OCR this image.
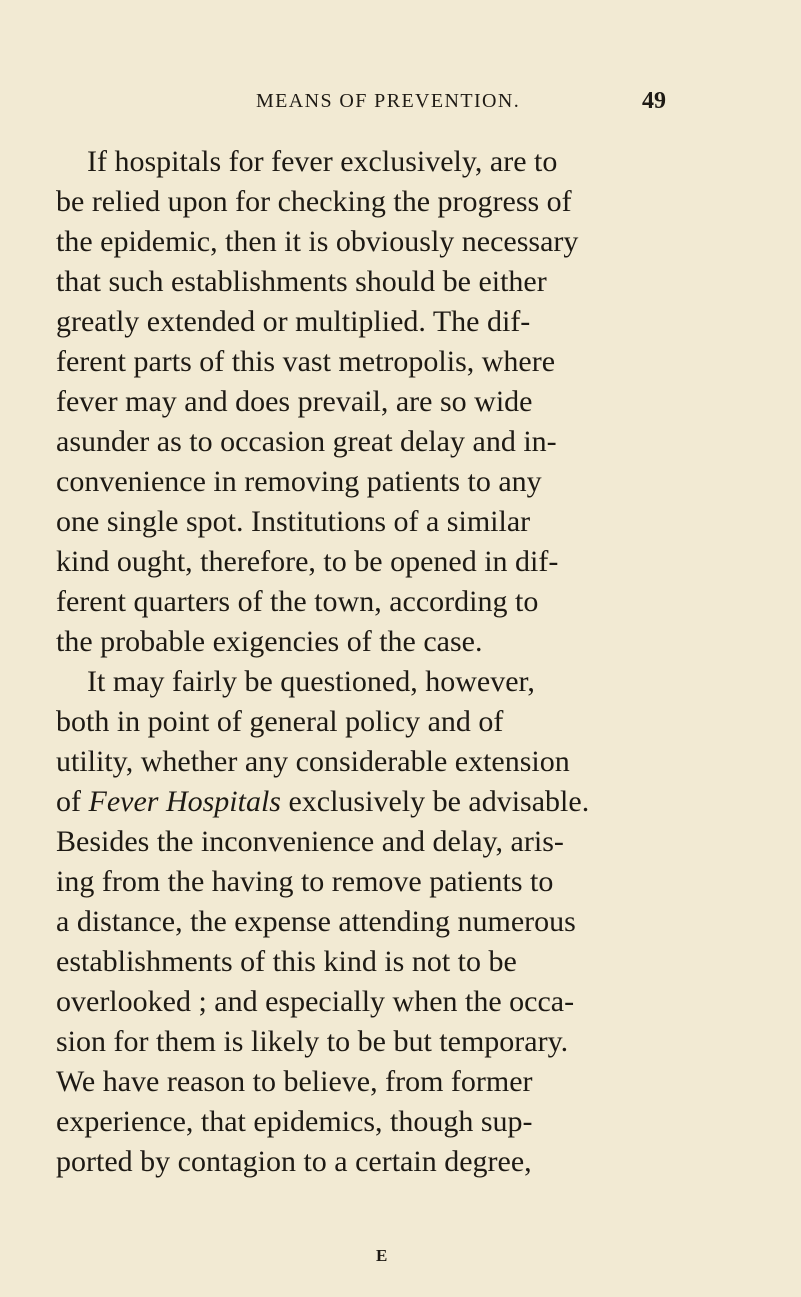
MEANS OF PREVENTION.	49
If hospitals for fever exclusively, are to
be relied upon for checking the progress of
the epidemic, then it is obviously necessary
that such establishments should be either
greatly extended or multiplied. The dif-
ferent parts of this vast metropolis, where
fever may and does prevail, are so wide
asunder as to occasion great delay and in-
convenience in removing patients to any
one single spot. Institutions of a similar
kind ought, therefore, to be opened in dif-
ferent quarters of the town, according to
the probable exigencies of the case.
It may fairly be questioned, however,
both in point of general policy and of
utility, whether any considerable extension
of Fever Hospitals exclusively be advisable.
Besides the inconvenience and delay, aris-
ing from the having to remove patients to
a distance, the expense attending numerous
establishments of this kind is not to be
overlooked ; and especially when the occa-
sion for them is likely to be but temporary.
We have reason to believe, from former
experience, that epidemics, though sup-
ported by contagion to a certain degree,
E
